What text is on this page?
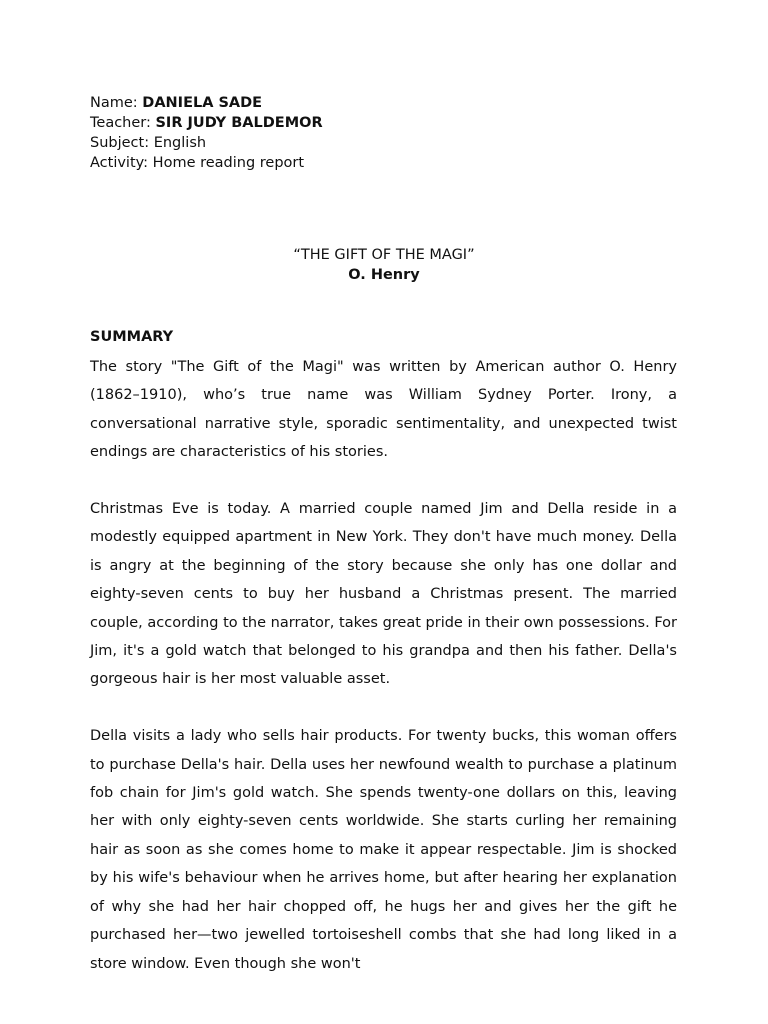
Name: DANIELA SADE
Teacher: SIR JUDY BALDEMOR
Subject: English
Activity: Home reading report
“THE GIFT OF THE MAGI”
O. Henry
SUMMARY

The story "The Gift of the Magi" was written by American author O. Henry (1862–1910), who’s true name was William Sydney Porter. Irony, a conversational narrative style, sporadic sentimentality, and unexpected twist endings are characteristics of his stories.

Christmas Eve is today. A married couple named Jim and Della reside in a modestly equipped apartment in New York. They don't have much money. Della is angry at the beginning of the story because she only has one dollar and eighty-seven cents to buy her husband a Christmas present. The married couple, according to the narrator, takes great pride in their own possessions. For Jim, it's a gold watch that belonged to his grandpa and then his father. Della's gorgeous hair is her most valuable asset.

Della visits a lady who sells hair products. For twenty bucks, this woman offers to purchase Della's hair. Della uses her newfound wealth to purchase a platinum fob chain for Jim's gold watch. She spends twenty-one dollars on this, leaving her with only eighty-seven cents worldwide. She starts curling her remaining hair as soon as she comes home to make it appear respectable. Jim is shocked by his wife's behaviour when he arrives home, but after hearing her explanation of why she had her hair chopped off, he hugs her and gives her the gift he purchased her—two jewelled tortoiseshell combs that she had long liked in a store window. Even though she won't
